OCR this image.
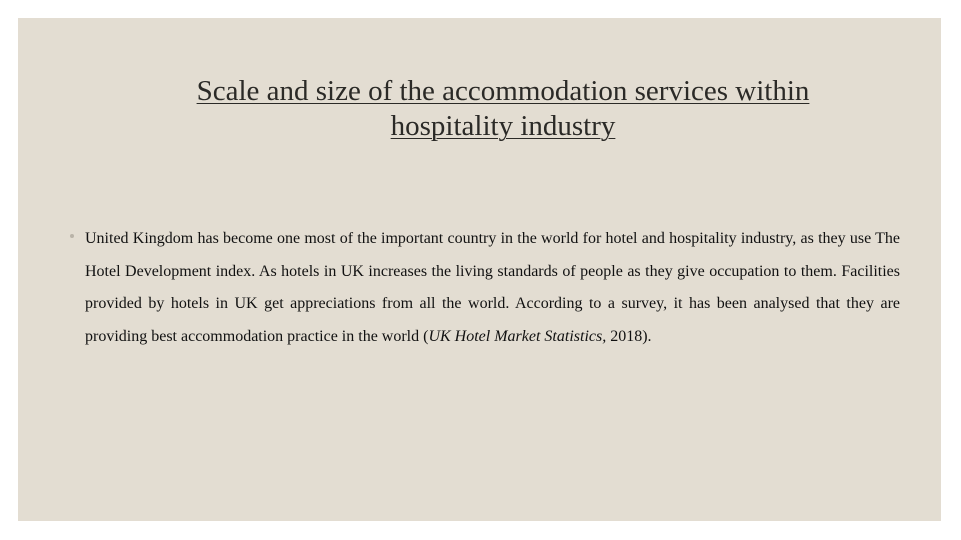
Scale and size of the accommodation services within hospitality industry

United Kingdom has become one most of the important country in the world for hotel and hospitality industry, as they use The Hotel Development index. As hotels in UK increases the living standards of people as they give occupation to them. Facilities provided by hotels in UK get appreciations from all the world. According to a survey, it has been analysed that they are providing best accommodation practice in the world (UK Hotel Market Statistics, 2018).
